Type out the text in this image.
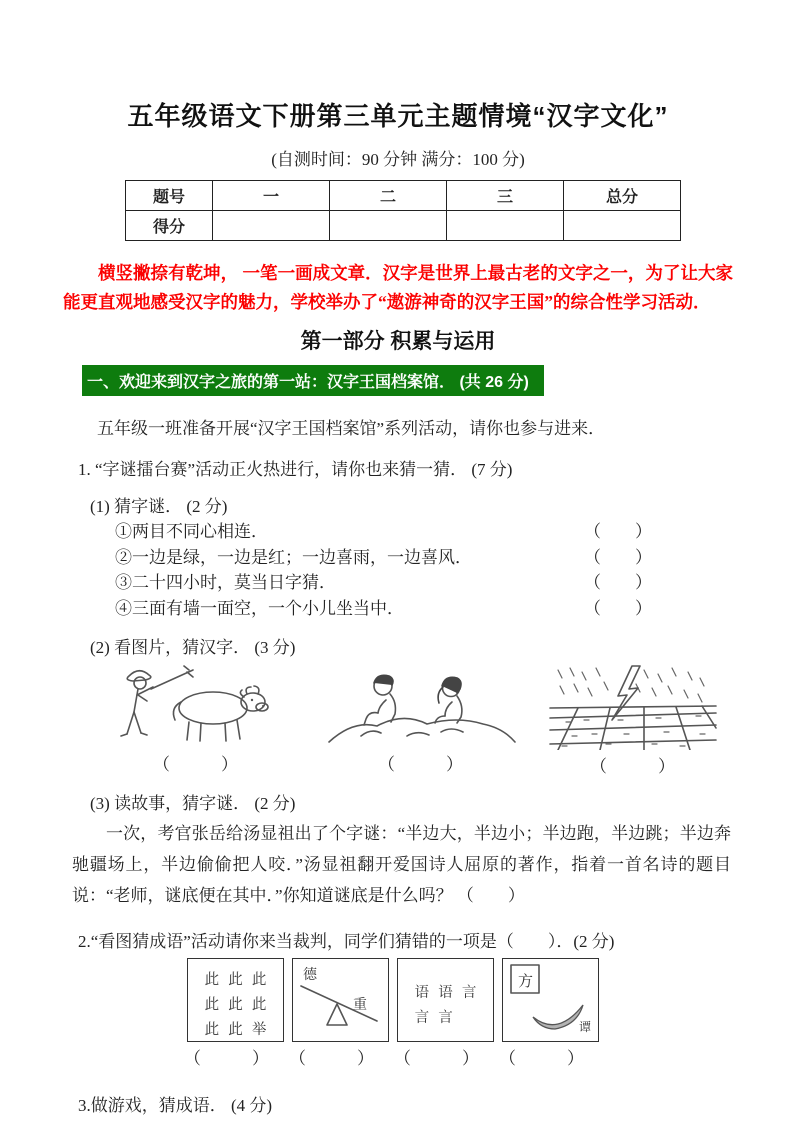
五年级语文下册第三单元主题情境“汉字文化”
(自测时间：90 分钟 满分：100 分)
题号	一	二	三	总分
得分				
横竖撇捺有乾坤， 一笔一画成文章．汉字是世界上最古老的文字之一，为了让大家能更直观地感受汉字的魅力，学校举办了“遨游神奇的汉字王国”的综合性学习活动．
第一部分 积累与运用
一、欢迎来到汉字之旅的第一站：汉字王国档案馆． (共 26 分)
五年级一班准备开展“汉字王国档案馆”系列活动，请你也参与进来．
1. “字谜擂台赛”活动正火热进行，请你也来猜一猜． (7 分)
(1) 猜字谜． (2 分)
①两目不同心相连．	（　　）
②一边是绿，一边是红；一边喜雨，一边喜风．	（　　）
③二十四小时，莫当日字猜．	（　　）
④三面有墙一面空，一个小儿坐当中．	（　　）
(2) 看图片，猜汉字． (3 分)
（　　　）	（　　　）	（　　　）
(3) 读故事，猜字谜． (2 分)
一次，考官张岳给汤显祖出了个字谜：“半边大，半边小；半边跑，半边跳；半边奔驰疆场上，半边偷偷把人咬．”汤显祖翻开爱国诗人屈原的著作，指着一首名诗的题目说：“老师，谜底便在其中．”你知道谜底是什么吗？ （　　）
2.“看图猜成语”活动请你来当裁判，同学们猜错的一项是（　　）．(2 分)
此 此 此
此 此 此
此 此 举
德
重
语 语 言
言 言
方
谭
（　　　）	（　　　）	（　　　）	（　　　）
3.做游戏，猜成语． (4 分)
